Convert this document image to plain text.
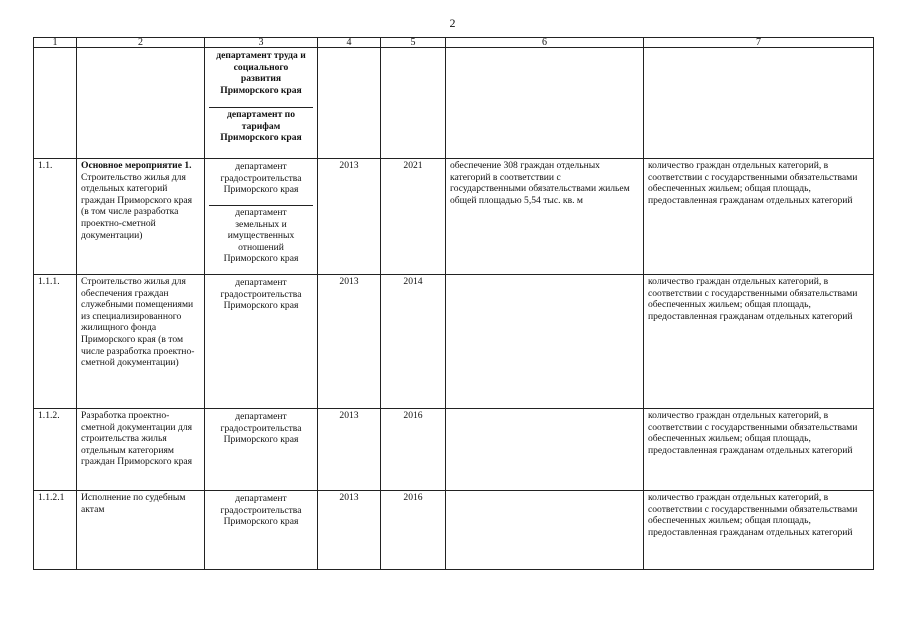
2
1	2	3	4	5	6	7

		департамент труда и социального развития Приморского края
департамент по тарифам Приморского края				

1.1.	Основное мероприятие 1. Строительство жилья для отдельных категорий граждан Приморского края (в том числе разработка проектно-сметной документации)	департамент градостроительства Приморского края
департамент земельных и имущественных отношений Приморского края	2013	2021	обеспечение 308 граждан отдельных категорий в соответствии с государственными обязательствами жильем общей площадью 5,54 тыс. кв. м	количество граждан отдельных категорий, в соответствии с государственными обязательствами обеспеченных жильем; общая площадь, предоставленная гражданам отдельных категорий
1.1.1.	Строительство жилья для обеспечения граждан служебными помещениями из специализированного жилищного фонда Приморского края (в том числе разработка проектно-сметной документации)	департамент градостроительства Приморского края	2013	2014		количество граждан отдельных категорий, в соответствии с государственными обязательствами обеспеченных жильем; общая площадь, предоставленная гражданам отдельных категорий
1.1.2.	Разработка проектно-сметной документации для строительства жилья отдельным категориям граждан Приморского края	департамент градостроительства Приморского края	2013	2016		количество граждан отдельных категорий, в соответствии с государственными обязательствами обеспеченных жильем; общая площадь, предоставленная гражданам отдельных категорий
1.1.2.1	Исполнение по судебным актам	департамент градостроительства Приморского края	2013	2016		количество граждан отдельных категорий, в соответствии с государственными обязательствами обеспеченных жильем; общая площадь, предоставленная гражданам отдельных категорий
